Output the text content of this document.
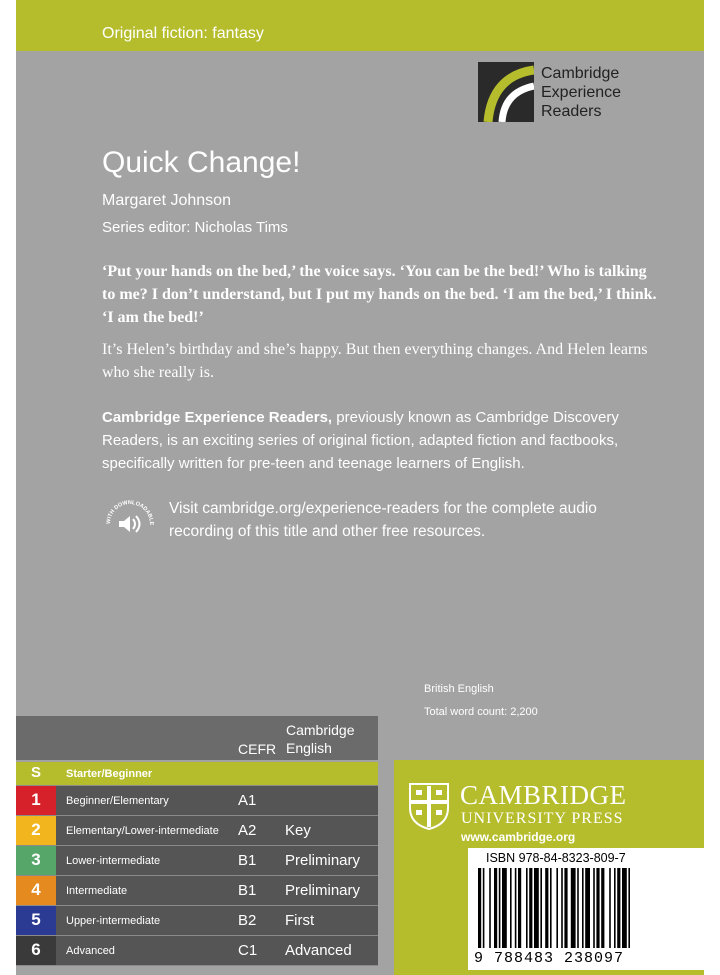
Original fiction: fantasy
Cambridge
Experience
Readers
Quick Change!
Margaret Johnson
Series editor: Nicholas Tims
‘Put your hands on the bed,’ the voice says. ‘You can be the bed!’ Who is talking to me? I don’t understand, but I put my hands on the bed. ‘I am the bed,’ I think. ‘I am the bed!’
It’s Helen’s birthday and she’s happy. But then everything changes. And Helen learns who she really is.
Cambridge Experience Readers, previously known as Cambridge Discovery Readers, is an exciting series of original fiction, adapted fiction and factbooks, specifically written for pre-teen and teenage learners of English.
WITH DOWNLOADABLE
Visit cambridge.org/experience-readers for the complete audio recording of this title and other free resources.
British English
Total word count: 2,200
CEFR
Cambridge English
S	Starter/Beginner
1	Beginner/Elementary	A1
2	Elementary/Lower-intermediate A2 Key
3	Lower-intermediate	B1 Preliminary
4	Intermediate	B1 Preliminary
5	Upper-intermediate	B2 First
6	Advanced	C1 Advanced
CAMBRIDGE
UNIVERSITY PRESS
www.cambridge.org
ISBN 978-84-8323-809-7
9 788483 238097
